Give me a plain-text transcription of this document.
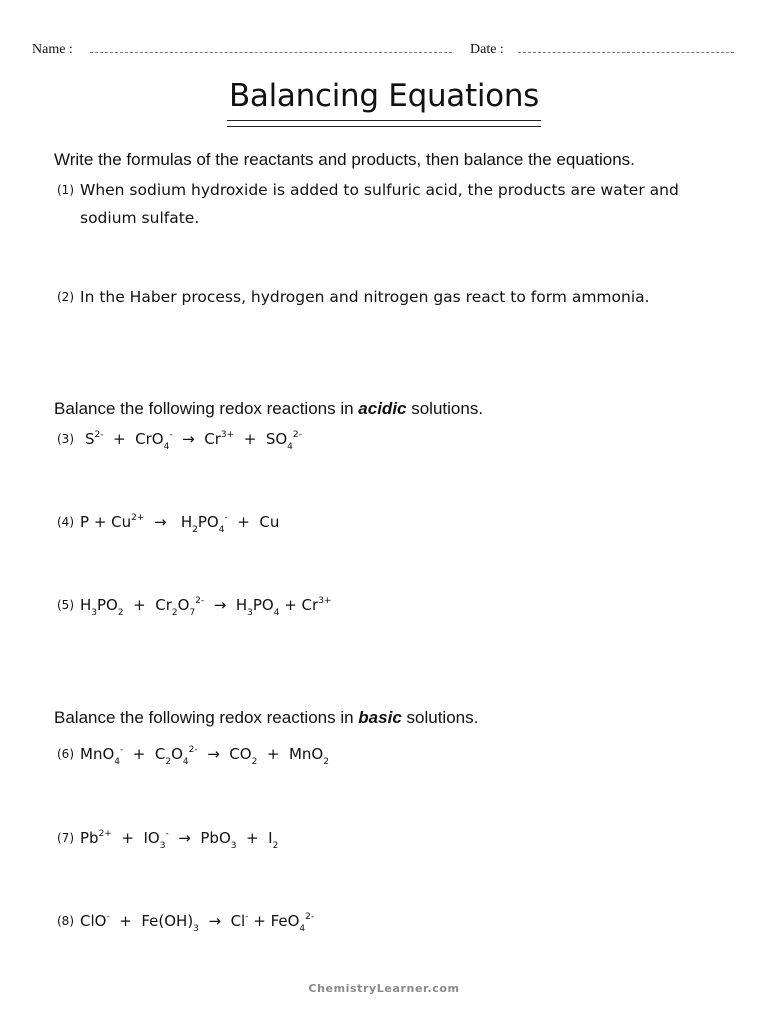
Name :	Date :
Balancing Equations
Write the formulas of the reactants and products, then balance the equations.
(1) When sodium hydroxide is added to sulfuric acid, the products are water and
sodium sulfate.
(2) In the Haber process, hydrogen and nitrogen gas react to form ammonia.
Balance the following redox reactions in acidic solutions.
(3) $S^{2-} + CrO_4^- \to Cr^{3+} + SO_4^{2-}$
(4) $P + Cu^{2+} \to H_2PO_4^- + Cu$
(5) $H_3PO_2 + Cr_2O_7^{2-} \to H_3PO_4 + Cr^{3+}$
Balance the following redox reactions in basic solutions.
(6) $MnO_4^- + C_2O_4^{2-} \to CO_2 + MnO_2$
(7) $Pb^{2+} + IO_3^- \to PbO_3 + I_2$
(8) $ClO^- + Fe(OH)_3 \to Cl^- + FeO_4^{2-}$
ChemistryLearner.com
